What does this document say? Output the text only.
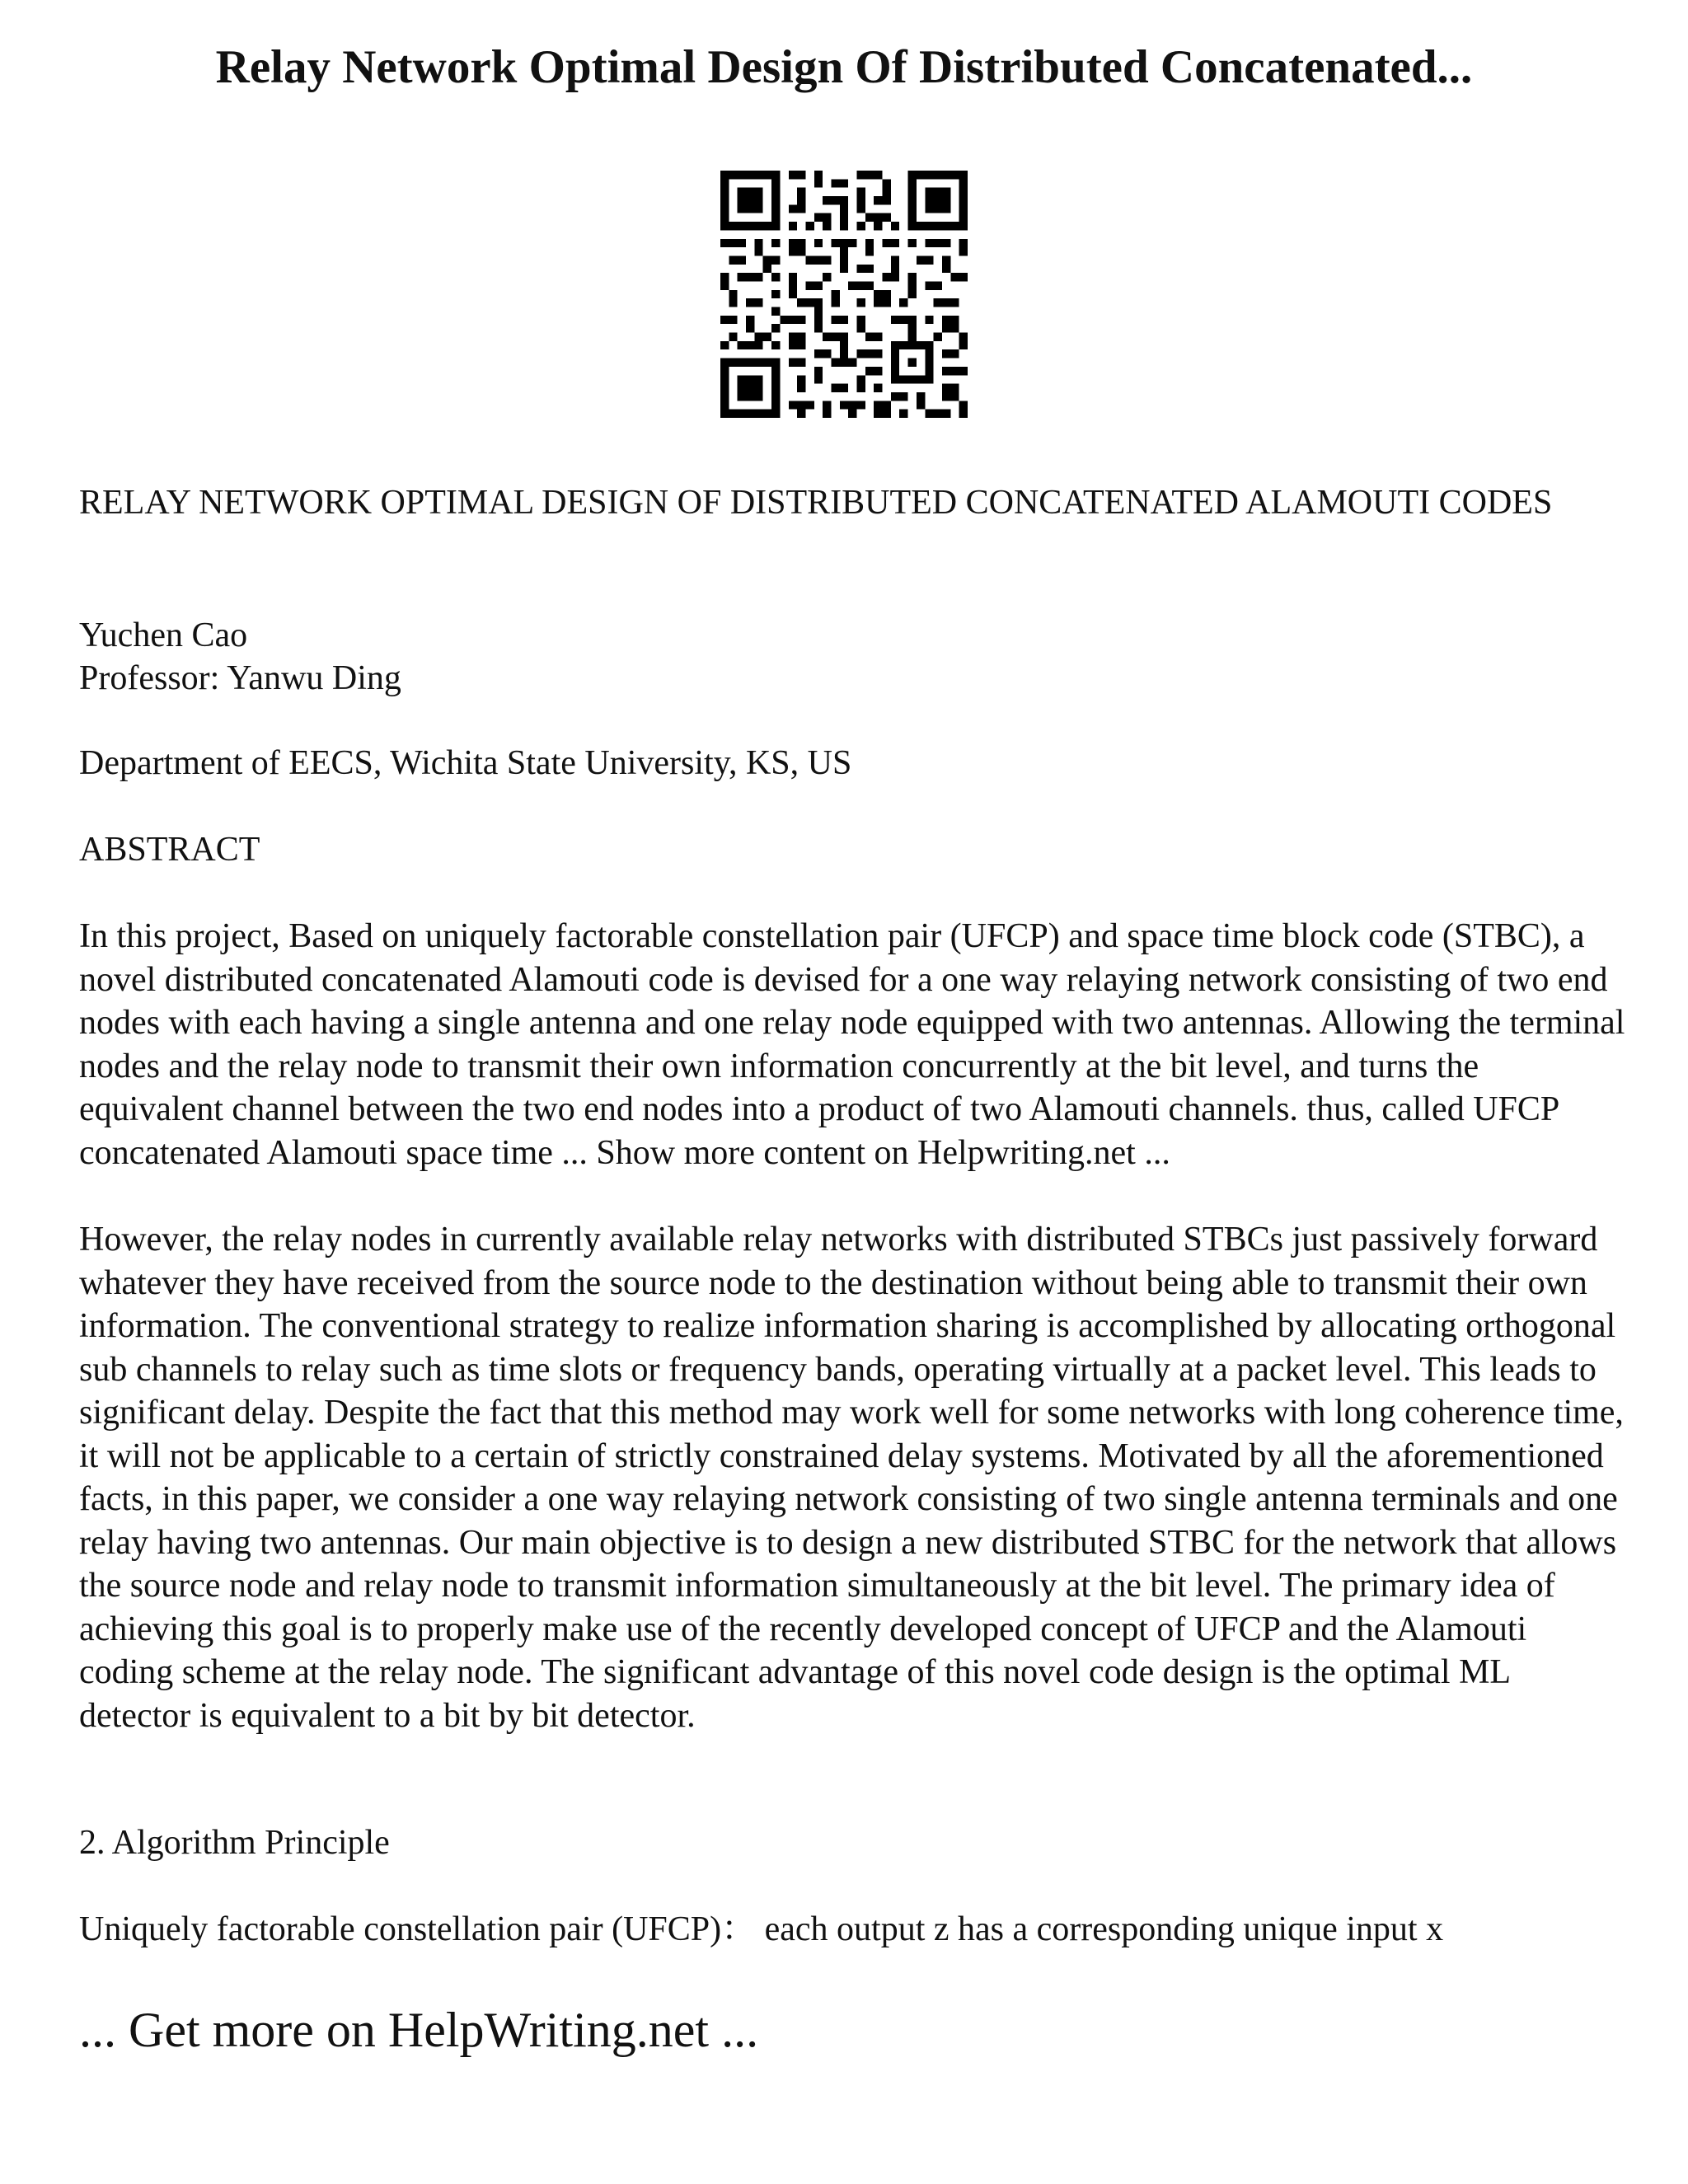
Relay Network Optimal Design Of Distributed Concatenated...

RELAY NETWORK OPTIMAL DESIGN OF DISTRIBUTED CONCATENATED ALAMOUTI CODES

Yuchen Cao

Professor: Yanwu Ding

Department of EECS, Wichita State University, KS, US

ABSTRACT

In this project, Based on uniquely factorable constellation pair (UFCP) and space time block code (STBC), a novel distributed concatenated Alamouti code is devised for a one way relaying network consisting of two end nodes with each having a single antenna and one relay node equipped with two antennas. Allowing the terminal nodes and the relay node to transmit their own information concurrently at the bit level, and turns the equivalent channel between the two end nodes into a product of two Alamouti channels. thus, called UFCP concatenated Alamouti space time ... Show more content on Helpwriting.net ...

However, the relay nodes in currently available relay networks with distributed STBCs just passively forward whatever they have received from the source node to the destination without being able to transmit their own information. The conventional strategy to realize information sharing is accomplished by allocating orthogonal sub channels to relay such as time slots or frequency bands, operating virtually at a packet level. This leads to significant delay. Despite the fact that this method may work well for some networks with long coherence time, it will not be applicable to a certain of strictly constrained delay systems. Motivated by all the aforementioned facts, in this paper, we consider a one way relaying network consisting of two single antenna terminals and one relay having two antennas. Our main objective is to design a new distributed STBC for the network that allows the source node and relay node to transmit information simultaneously at the bit level. The primary idea of achieving this goal is to properly make use of the recently developed concept of UFCP and the Alamouti coding scheme at the relay node. The significant advantage of this novel code design is the optimal ML detector is equivalent to a bit by bit detector.

2. Algorithm Principle

Uniquely factorable constellation pair (UFCP)： each output z has a corresponding unique input x

... Get more on HelpWriting.net ...
